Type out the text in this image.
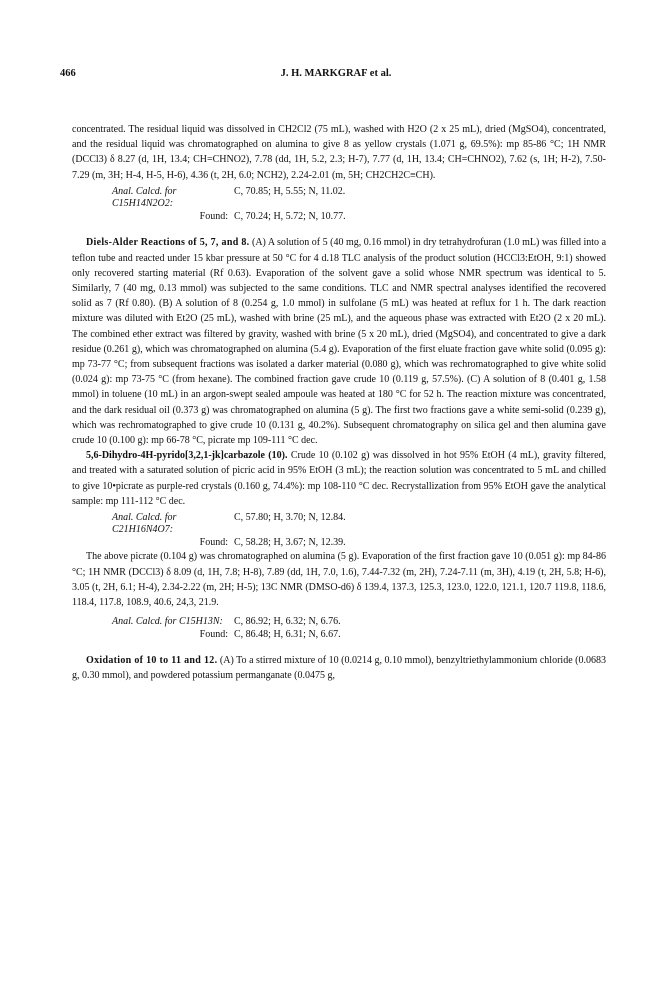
466	J. H. MARKGRAF et al.

concentrated. The residual liquid was dissolved in CH2Cl2 (75 mL), washed with H2O (2 x 25 mL), dried (MgSO4), concentrated, and the residual liquid was chromatographed on alumina to give 8 as yellow crystals (1.071 g, 69.5%): mp 85-86 °C; 1H NMR (DCCl3) δ 8.27 (d, 1H, 13.4; CH=CHNO2), 7.78 (dd, 1H, 5.2, 2.3; H-7), 7.77 (d, 1H, 13.4; CH=CHNO2), 7.62 (s, 1H; H-2), 7.50-7.29 (m, 3H; H-4, H-5, H-6), 4.36 (t, 2H, 6.0; NCH2), 2.24-2.01 (m, 5H; CH2CH2C≡CH).

Anal. Calcd. for C15H14N2O2:
C, 70.85; H, 5.55; N, 11.02.
Found: C, 70.24; H, 5.72; N, 10.77.

Diels-Alder Reactions of 5, 7, and 8. (A) A solution of 5 (40 mg, 0.16 mmol) in dry tetrahydrofuran (1.0 mL) was filled into a teflon tube and reacted under 15 kbar pressure at 50 °C for 4 d.18 TLC analysis of the product solution (HCCl3:EtOH, 9:1) showed only recovered starting material (Rf 0.63). Evaporation of the solvent gave a solid whose NMR spectrum was identical to 5. Similarly, 7 (40 mg, 0.13 mmol) was subjected to the same conditions. TLC and NMR spectral analyses identified the recovered solid as 7 (Rf 0.80). (B) A solution of 8 (0.254 g, 1.0 mmol) in sulfolane (5 mL) was heated at reflux for 1 h. The dark reaction mixture was diluted with Et2O (25 mL), washed with brine (25 mL), and the aqueous phase was extracted with Et2O (2 x 20 mL). The combined ether extract was filtered by gravity, washed with brine (5 x 20 mL), dried (MgSO4), and concentrated to give a dark residue (0.261 g), which was chromatographed on alumina (5.4 g). Evaporation of the first eluate fraction gave white solid (0.095 g): mp 73-77 °C; from subsequent fractions was isolated a darker material (0.080 g), which was rechromatographed to give white solid (0.024 g): mp 73-75 °C (from hexane). The combined fraction gave crude 10 (0.119 g, 57.5%). (C) A solution of 8 (0.401 g, 1.58 mmol) in toluene (10 mL) in an argon-swept sealed ampoule was heated at 180 °C for 52 h. The reaction mixture was concentrated, and the dark residual oil (0.373 g) was chromatographed on alumina (5 g). The first two fractions gave a white semi-solid (0.239 g), which was rechromatographed to give crude 10 (0.131 g, 40.2%). Subsequent chromatography on silica gel and then alumina gave crude 10 (0.100 g): mp 66-78 °C, picrate mp 109-111 °C dec.

5,6-Dihydro-4H-pyrido[3,2,1-jk]carbazole (10). Crude 10 (0.102 g) was dissolved in hot 95% EtOH (4 mL), gravity filtered, and treated with a saturated solution of picric acid in 95% EtOH (3 mL); the reaction solution was concentrated to 5 mL and chilled to give 10•picrate as purple-red crystals (0.160 g, 74.4%): mp 108-110 °C dec. Recrystallization from 95% EtOH gave the analytical sample: mp 111-112 °C dec.

Anal. Calcd. for C21H16N4O7:
C, 57.80; H, 3.70; N, 12.84.
Found: C, 58.28; H, 3.67; N, 12.39.

The above picrate (0.104 g) was chromatographed on alumina (5 g). Evaporation of the first fraction gave 10 (0.051 g): mp 84-86 °C; 1H NMR (DCCl3) δ 8.09 (d, 1H, 7.8; H-8), 7.89 (dd, 1H, 7.0, 1.6), 7.44-7.32 (m, 2H), 7.24-7.11 (m, 3H), 4.19 (t, 2H, 5.8; H-6), 3.05 (t, 2H, 6.1; H-4), 2.34-2.22 (m, 2H; H-5); 13C NMR (DMSO-d6) δ 139.4, 137.3, 125.3, 123.0, 122.0, 121.1, 120.7 119.8, 118.6, 118.4, 117.8, 108.9, 40.6, 24,3, 21.9.

Anal. Calcd. for C15H13N:	C, 86.92; H, 6.32; N, 6.76.
Found: C, 86.48; H, 6.31; N, 6.67.

Oxidation of 10 to 11 and 12. (A) To a stirred mixture of 10 (0.0214 g, 0.10 mmol), benzyltriethylammonium chloride (0.0683 g, 0.30 mmol), and powdered potassium permanganate (0.0475 g,
